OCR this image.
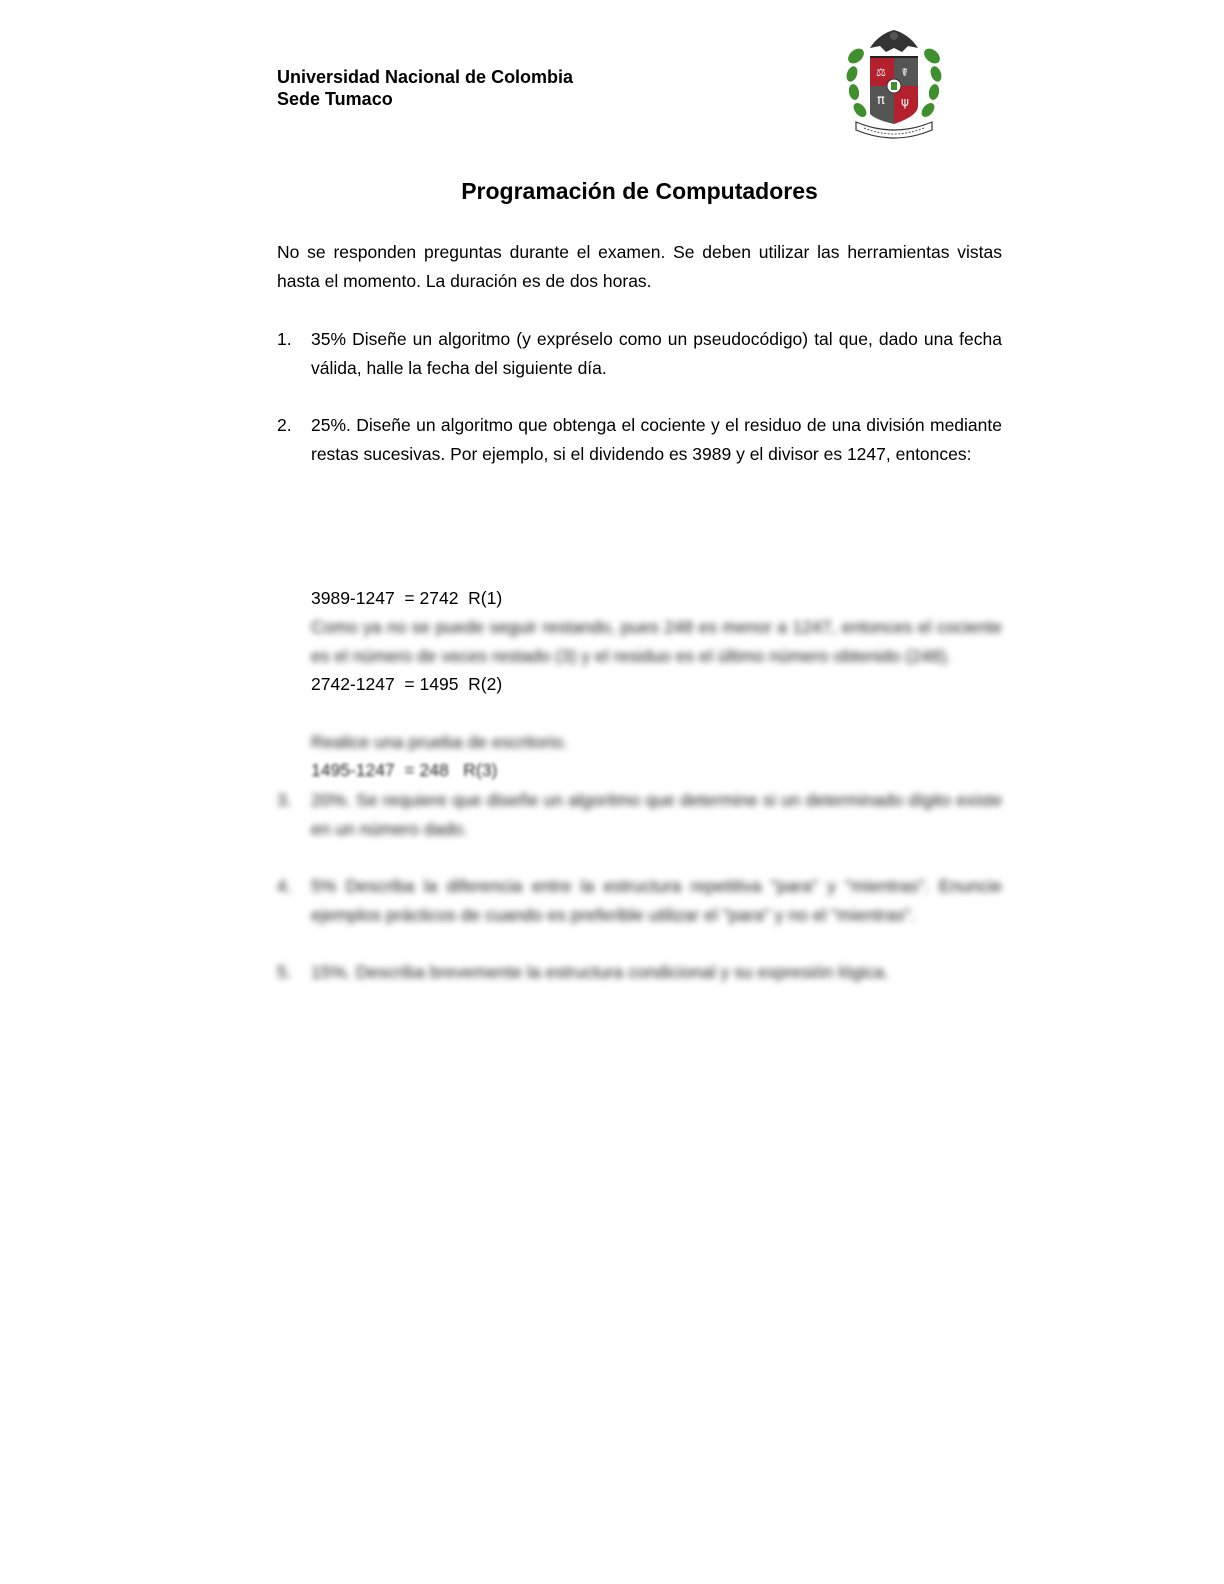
Universidad Nacional de Colombia
Sede Tumaco
⚖ ☤
π ψ
Programación de Computadores
No se responden preguntas durante el examen. Se deben utilizar las herramientas vistas hasta el momento. La duración es de dos horas.
1.	35% Diseñe un algoritmo (y expréselo como un pseudocódigo) tal que, dado una fecha válida, halle la fecha del siguiente día.
2.	25%. Diseñe un algoritmo que obtenga el cociente y el residuo de una división mediante restas sucesivas. Por ejemplo, si el dividendo es 3989 y el divisor es 1247, entonces:

3989-1247  = 2742  R(1)

2742-1247  = 1495  R(2)

1495-1247  = 248   R(3)

Como ya no se puede seguir restando, pues 248 es menor a 1247, entonces el cociente es el número de veces restado (3) y el residuo es el último número obtenido (248).
Realice una prueba de escritorio.
3.	20%. Se requiere que diseñe un algoritmo que determine si un determinado dígito existe en un número dado.
4.	5% Describa la diferencia entre la estructura repetitiva "para" y "mientras". Enuncie ejemplos prácticos de cuando es preferible utilizar el "para" y no el "mientras".
5.	15%. Describa brevemente la estructura condicional y su expresión lógica.
